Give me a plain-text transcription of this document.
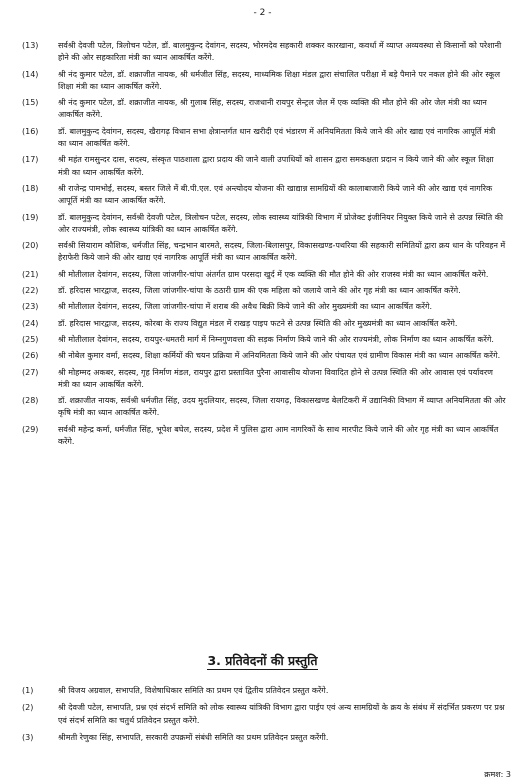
- 2 -
(13)	सर्वश्री देवजी पटेल, त्रिलोचन पटेल, डॉ. बालमुकुन्द देवांगन, सदस्य, भोरमदेव सहकारी शक्कर कारखाना, कवर्धा में व्याप्त अव्यवस्था से किसानों को परेशानी होने की ओर सहकारिता मंत्री का ध्यान आकर्षित करेंगे.
(14)	श्री नंद कुमार पटेल, डॉ. शक्राजीत नायक, श्री धर्मजीत सिंह, सदस्य, माध्यमिक शिक्षा मंडल द्वारा संचालित परीक्षा में बड़े पैमाने पर नकल होने की ओर स्कूल शिक्षा मंत्री का ध्यान आकर्षित करेंगे.
(15)	श्री नंद कुमार पटेल, डॉ. शक्राजीत नायक, श्री गुलाब सिंह, सदस्य, राजधानी रायपुर सेन्ट्रल जेल में एक व्यक्ति की मौत होने की ओर जेल मंत्री का ध्यान आकर्षित करेंगे.
(16)	डॉ. बालमुकुन्द देवांगन, सदस्य, खैरागढ़ विधान सभा क्षेत्रान्तर्गत धान खरीदी एवं भंडारण में अनियमितता किये जाने की ओर खाद्य एवं नागरिक आपूर्ति मंत्री का ध्यान आकर्षित करेंगे.
(17)	श्री महंत रामसुन्दर दास, सदस्य, संस्कृत पाठशाला द्वारा प्रदाय की जाने वाली उपाधियों को शासन द्वारा समकक्षता प्रदान न किये जाने की ओर स्कूल शिक्षा मंत्री का ध्यान आकर्षित करेंगे.
(18)	श्री राजेन्द्र पामभोई, सदस्य, बस्तर जिले में बी.पी.एल. एवं अन्त्योदय योजना की खाद्यान्न सामग्रियों की कालाबाजारी किये जाने की ओर खाद्य एवं नागरिक आपूर्ति मंत्री का ध्यान आकर्षित करेंगे.
(19)	डॉ. बालमुकुन्द देवांगन, सर्वश्री देवजी पटेल, त्रिलोचन पटेल, सदस्य, लोक स्वास्थ्य यांत्रिकी विभाग में प्रोजेक्ट इंजीनियर नियुक्त किये जाने से उत्पन्न स्थिति की ओर राज्यमंत्री, लोक स्वास्थ्य यांत्रिकी का ध्यान आकर्षित करेंगे.
(20)	सर्वश्री सियाराम कौशिक, धर्मजीत सिंह, चन्द्रभान बारमते, सदस्य, जिला-बिलासपुर, विकासखण्ड-पथरिया की सहकारी समितियों द्वारा क्रय धान के परिवहन में हेराफेरी किये जाने की ओर खाद्य एवं नागरिक आपूर्ति मंत्री का ध्यान आकर्षित करेंगे.
(21)	श्री मोतीलाल देवांगन, सदस्य, जिला जांजगीर-चांपा अंतर्गत ग्राम परसदा खुर्द में एक व्यक्ति की मौत होने की ओर राजस्व मंत्री का ध्यान आकर्षित करेंगे.
(22)	डॉ. हरिदास भारद्वाज, सदस्य, जिला जांजगीर-चांपा के ठठारी ग्राम की एक महिला को जलाये जाने की ओर गृह मंत्री का ध्यान आकर्षित करेंगे.
(23)	श्री मोतीलाल देवांगन, सदस्य, जिला जांजगीर-चांपा में शराब की अवैध बिक्री किये जाने की ओर मुख्यमंत्री का ध्यान आकर्षित करेंगे.
(24)	डॉ. हरिदास भारद्वाज, सदस्य, कोरबा के राज्य विद्युत मंडल में राखड़ पाइप फटने से उत्पन्न स्थिति की ओर मुख्यमंत्री का ध्यान आकर्षित करेंगे.
(25)	श्री मोतीलाल देवांगन, सदस्य, रायपुर-धमतरी मार्ग में निम्नगुणवत्ता की सड़क निर्माण किये जाने की ओर राज्यमंत्री, लोक निर्माण का ध्यान आकर्षित करेंगे.
(26)	श्री नोबेल कुमार वर्मा, सदस्य, शिक्षा कर्मियों की चयन प्रक्रिया में अनियमितता किये जाने की ओर पंचायत एवं ग्रामीण विकास मंत्री का ध्यान आकर्षित करेंगे.
(27)	श्री मोहम्मद अकबर, सदस्य, गृह निर्माण मंडल, रायपुर द्वारा प्रस्तावित पुरैना आवासीय योजना विवादित होने से उत्पन्न स्थिति की ओर आवास एवं पर्यावरण मंत्री का ध्यान आकर्षित करेंगे.
(28)	डॉ. शक्राजीत नायक, सर्वश्री धर्मजीत सिंह, उदय मुदलियार, सदस्य, जिला रायगढ़, विकासखण्ड बेलटिकरी में उद्यानिकी विभाग में व्याप्त अनियमितता की ओर कृषि मंत्री का ध्यान आकर्षित करेंगे.
(29)	सर्वश्री महेन्द्र कर्मा, धर्मजीत सिंह, भूपेश बघेल, सदस्य, प्रदेश में पुलिस द्वारा आम नागरिकों के साथ मारपीट किये जाने की ओर गृह मंत्री का ध्यान आकर्षित करेंगे.
3. प्रतिवेदनों की प्रस्तुति
(1)	श्री विजय अग्रवाल, सभापति, विशेषाधिकार समिति का प्रथम एवं द्वितीय प्रतिवेदन प्रस्तुत करेंगे.
(2)	श्री देवजी पटेल, सभापति, प्रश्न एवं संदर्भ समिति को लोक स्वास्थ्य यांत्रिकी विभाग द्वारा पाईप एवं अन्य सामग्रियों के क्रय के संबंध में संदर्भित प्रकरण पर प्रश्न एवं संदर्भ समिति का चतुर्थ प्रतिवेदन प्रस्तुत करेंगे.
(3)	श्रीमती रेणुका सिंह, सभापति, सरकारी उपक्रमों संबंधी समिति का प्रथम प्रतिवेदन प्रस्तुत करेंगी.
क्रमश: 3
